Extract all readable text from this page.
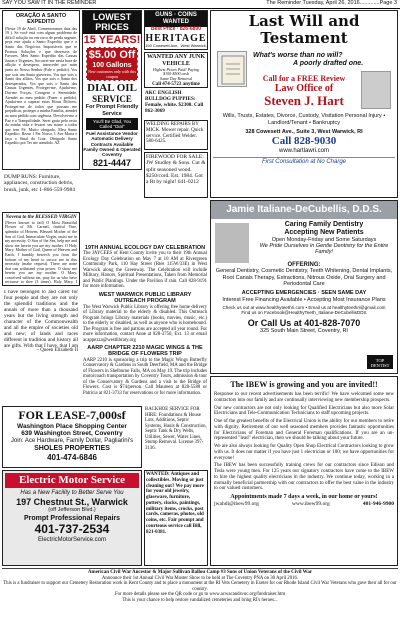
SAY YOU SAW IT IN THE REMINDER	The Reminder Tuesday, April 26, 2016.............Page 3
ORAÇÃO A SANTO EXPEDITO
(Neste 19 de Abril, Comemoramos dais das 19 ). Se você está com algum problema de difícil solução ou em risco de perda urgente, peça este ajuda a Santo Expedito que e o Santo das Negócios Impossíveis que te Promos Soluções e que dezesseis de Favores. Meu Santo Expedito das Causas Justas e Urgentes, Socorrei-me nesta hora de aflição e desespero, intercedei por mim junto ao Nosso Senhor (Fale o pedido). Vos que sois um Santo guerreiro, Vos que sois o Santo dos aflitos, Vos que sois o Santo dos desesperados, Vos que sois o Santo das Causas Urgentes, Protegei-me, Ajudai-me, Dai-me Forças, Coragem e Serenidade. Atendei ao meu pedido (Fazer o pedido). Ajudai-me a superar estas Horas Difíceis, Protegei-me de todos que possam me prejudicar, protegei a minha Família, atendei ao meu pedido com urgência. Devolvei-me a Paz e a Tranquilidade. Serei grato pelo resto da minha vida e levarei seu nome a todos que tem Fé. Muito obrigado. Meu Santo Expedito. Rezar 1 Pai Nosso, 1 Ave Maria e faça o Sinal da Cruz. Obrigado Santo Expedito por Ter me atendido. AZ
DUMP RUNS: Furniture, appliances, construction debris, brush, junk, etc 1-866-559-9984
Novena to the BLESSED VIRGIN
(Never known to fail) O Most Beautiful Flower of Mt. Carmel, fruitful Vine, splendor of Heaven, Blessed Mother of the Son of God, Immaculate Virgin, assist me in my necessity. O Star of the Sea, help me and show me herein you are my mother. O Holy Mary, Mother of God, Queen of Heaven and Earth, I humbly beseech you from the bottom of my heart to succor me in this necessity (make request). There are none that can withstand your power. O show me herein you are my mother. O Mary, conceived without sin, pray for us who have recourse to thee (3 times). Holy Mary, I
I have belonged to and cared for four people and they are not only the splendid traditions and the annals of more than a thousand years but the living strength and character of the Commonwealth and all the empire of societies old and new; of lands and races different in tradition and history all are gifts. With that I have, that I am
– Queen Elizabeth II
LOWEST PRICES
15 YEARS!
$5.00 Off
100 Gallons
New customers only with this coupon
DIAL OIL
SERVICE
For Prompt Friendly Service
You'll Be Glad, You Called "Dial"
Fuel Assistance Vendor Automatic Delivery Contracts Available
Family Owned & Operated Coventry
821-4447
GUNS · COINS WANTED
Best Price · 826-6800
HERITAGE
150 Cowesett Ave., West Warwick,
WANTED ANY JUNK VEHICLE
Highest Prices Paid! Paying $100-$500 cash
Same Day Removal
Call 474-5723 anytime
AKC ENGLISH BULLDOG PUPPIES: Female, white. $2300. Call 862-3069
WELDING REPAIRS BY MICK. Mower repair. Quick service. Certified Welder. 580-6425.
FIREWOOD FOR SALE: JW Studley & Sons. Cut & split seasoned wood. $250/cord. Est. 1984. Got a Rt by night! 641-0212
Last Will and Testament
What's worse than no will?
A poorly drafted one.
Call for a FREE Review
Law Office of
Steven J. Hart
Wills, Trusts, Estates, Divorce, Custody, Visitation Personal Injury • Landlord/Tenant • Bankruptcy
328 Cowesett Ave., Suite 3, West Warwick, RI
Call 828-9030
www.hartlawri.com
First Consultation at No Charge
19TH ANNUAL ECOLOGY DAY CELEBRATION
The JAYCEES of Kent County invite you to their 19th Annual Ecology Day Celebration on May 7 at 10 AM at Rivergreen Community Park, 110 Hay Street (Rtes 115W/33E) in West Warwick along the Greenway. The Celebration will include Military, Honors, Spiritual Presentations, Taken from Memorial and Public Plantings. Under the Pavilion if rain. Call 828-9191 for more information.
WEST WARWICK PUBLIC LIBRARY OUTREACH PROGRAM
The West Warwick Public Library is offering free home delivery of Library material to the elderly & disabled. This Outreach Program brings Library materials (books, movies, music, etc.) to the elderly or disabled, as well as anyone who is homebound. The Program is free and patrons are accepted all year round. For more information, contact Anne at 828-3750, Ext. 13 or email acappezza@westlibrary.org
AARP CHAPTER 2210 MAGIC WINGS & THE BRIDGE OF FLOWERS TRIP
AARP 2210 is sponsoring a trip to the Magic Wings Butterfly Conservatory & Gardens in South Deerfield, MA and the Bridge of Flowers in Shelburne Falls, MA on May 19. The trip includes motorcoach transportation by Coventry Tours, admission & tour of the Conservatory & Gardens and a visit to the Bridge of Flowers. Cost is $74/person. Call Maureen at 828-5588 or Patricia at 821-3733 for reservations or for more information.
Jamie Italiane-DeCubellis, D.D.S.
Caring Family Dentistry
Accepting New Patients
Open Monday-Friday and Some Saturdays
We Pride Ourselves in Gentle Dentistry for the Entire Family!
OFFERING:
General Dentistry, Cosmetic Dentistry, Teeth Whitening, Dental Implants, Root Canals Therapy, Extractions, Nitrous Oxide, Oral Surgery and Periodontal Care
ACCEPTING EMERGENCIES · SEEN SAME DAY
Interest Free Financing Available • Accepting Most Insurance Plans
Check us out at www.healthyteethri.com • Email us at healthyteethri@gmail.com
Find us on Facebook@HealthyTeeth_Italiane-DeCubellisDDS
Or Call Us at 401-828-7070
325 South Main Street, Coventry, RI
TOP DENTIST
FOR LEASE-7,000sf
Washington Place Shopping Center
639 Washington Street, Coventry
Join: Ace Hardware, Family Dollar, Pagliarini's
SHOLES PROPERTIES
401-474-6846
Electric Motor Service
Has a New Facility to Better Serve You
197 Chestnut St., Warwick
(off Jefferson Blvd.)
Prompt Professional Repairs
401-737-2534
ElectricMotorService.com
BACKHOE SERVICE FOR HIRE: Foundations & House Lots, Additions, Septic Systems, Hauls & Construction, Septic Tank & Dry Wells, Utilities, Sewer, Water Lines, Stump Removal. License 397-3136.
WANTED: Antiques and collectibles. Moving or just cleaning out? We pay more for your old jewelry, glassware, furniture, pottery, clocks, paintings, military items, crocks, post cards, cameras, photos, old coins, etc. Fair prompt and courteous service call Bill, 821-0381.
The IBEW is growing and you are invited!!

Response to our recent advertisements has been terrific! We have welcomed some new contractors into our family and are continually interviewing new membership prospects.

Our new contractors are not only looking for Qualified Electricians but also more Solar Electricians and Tele-Communication Technicians to staff upcoming projects.

One of the greatest benefits of the Electrical Union is the ability for our members to retire with dignity. Retirement of our well seasoned members provides fantastic opportunities for Electricians of Foreman and General Foreman qualifications. If you are an un-represented "lead" electrician, then we should be talking about your future.

We are also always looking for Quality Open Shop Electrical Contractors looking to grow with us. It does not matter if you have just 1 electrician or 100; we have opportunities for everyone!

The IBEW has been successfully training crews for our contractors since Edison and Tesla were young men. For 125 years our signatory contractors have come to the IBEW to hire the highest quality electricians in the industry. We continue today, working in a mutually beneficial partnership with our contractors to offer the best value in the industry to our valued customers.

Appointments made 7 days a week, in our home or yours!
jwahdi@ibew99.org	www.ibew99.org	401-946-9900
American Civil War Ancestor & Major Sullivan Ballou Camp #3 Sons of Union Veterans of the Civil War
Announce their 1st Annual Civil War Muster Show to be held at The Coventry PNA on 30 April 2016.
This is a fundraiser to support our Cemetery Restoration work in Kent County and to place a monument at the RI Vets Cemetery in Exeter for our Rhode Island Civil War Veterans who gave their all for our country.
For more details please see the QR code or go to www.acwacandsvuc.org/fundraiser.htm
This is your chance to help restore vandalized cemeteries and bring RI's heroes...
